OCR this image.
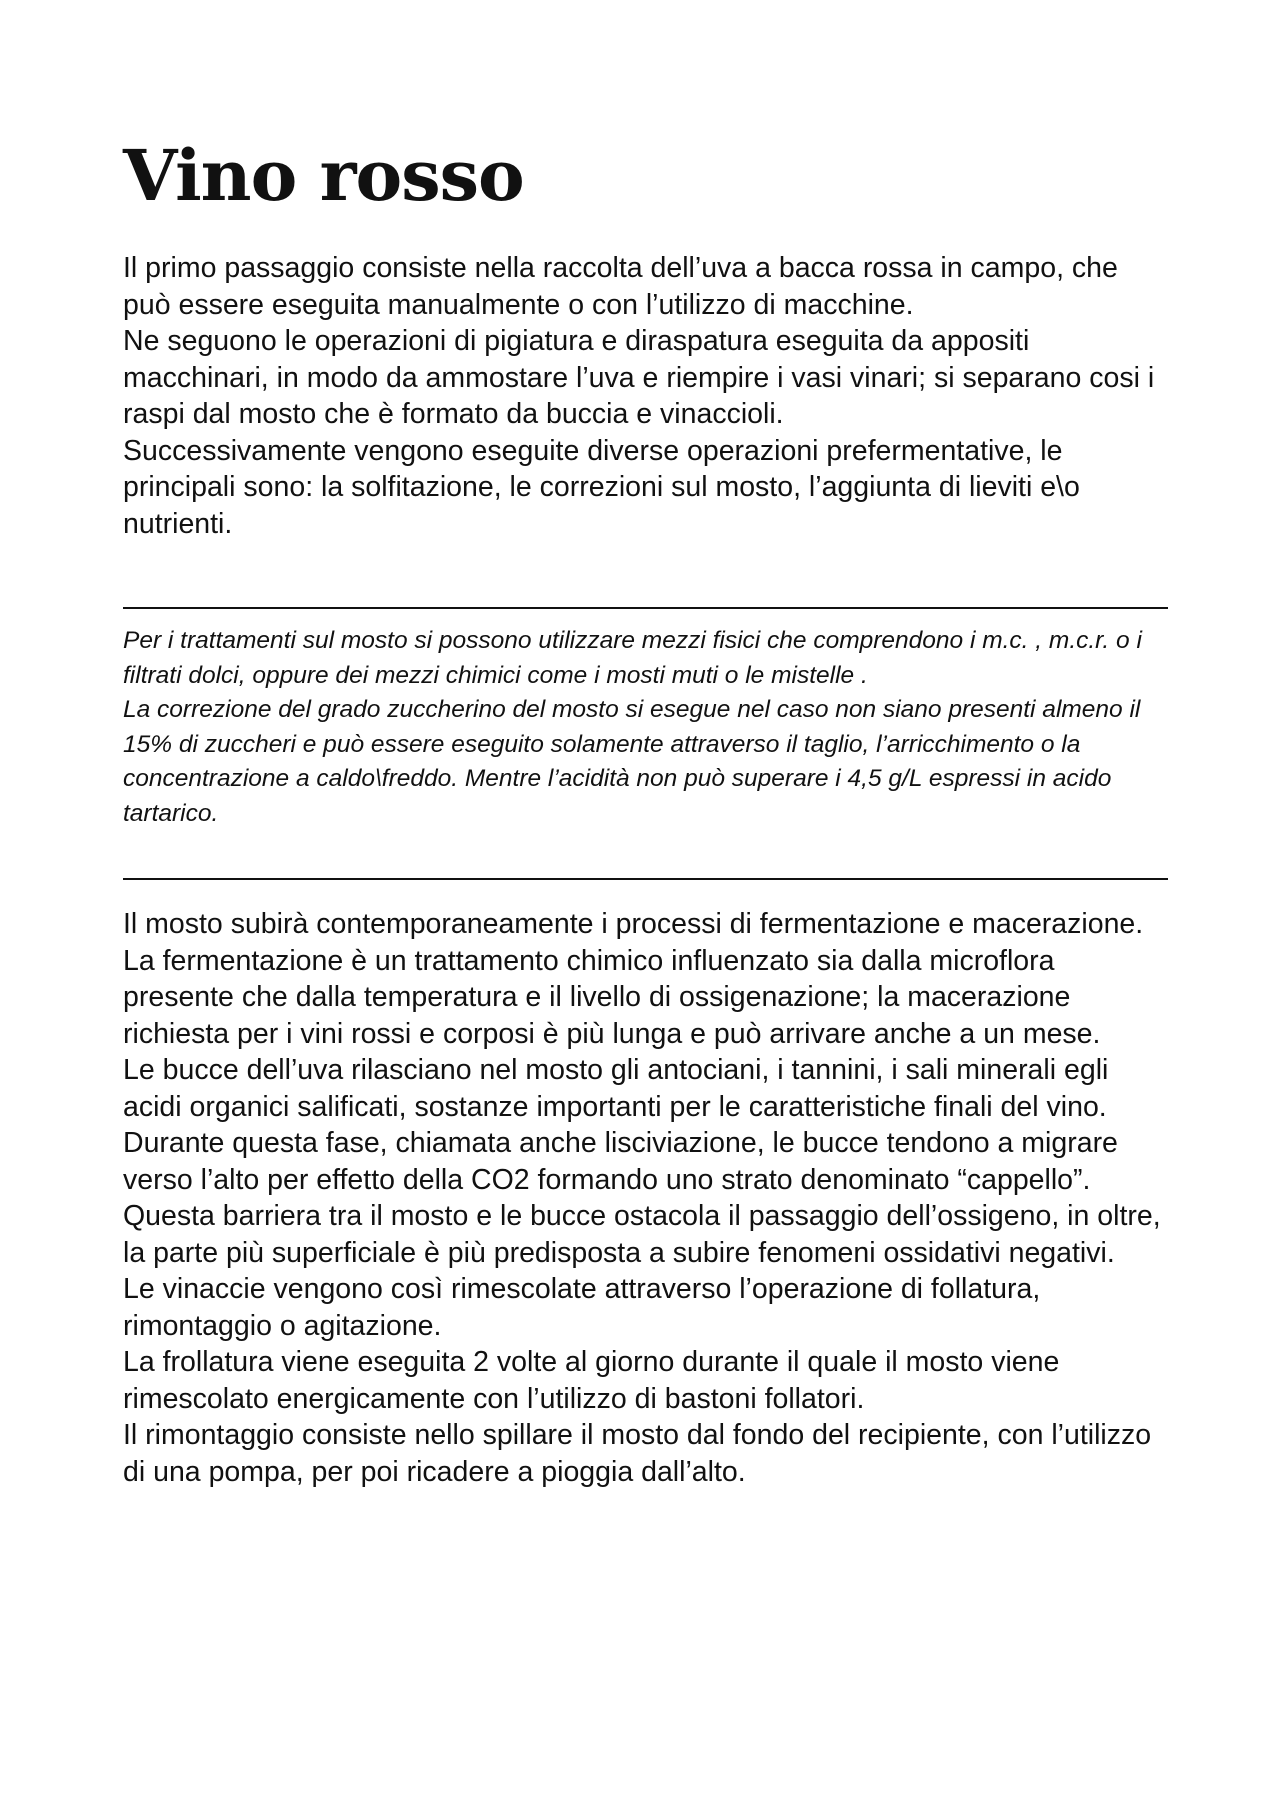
Vino rosso

Il primo passaggio consiste nella raccolta dell’uva a bacca rossa in campo, che può essere eseguita manualmente o con l’utilizzo di macchine.

Ne seguono le operazioni di pigiatura e diraspatura eseguita da appositi macchinari, in modo da ammostare l’uva e riempire i vasi vinari; si separano cosi i raspi dal mosto che è formato da buccia e vinaccioli.

Successivamente vengono eseguite diverse operazioni prefermentative, le principali sono: la solfitazione, le correzioni sul mosto, l’aggiunta di lieviti e\o nutrienti.

Per i trattamenti sul mosto si possono utilizzare mezzi fisici che comprendono i m.c. , m.c.r. o i filtrati dolci, oppure dei mezzi chimici come i mosti muti o le mistelle .

La correzione del grado zuccherino del mosto si esegue nel caso non siano presenti almeno il 15% di zuccheri e può essere eseguito solamente attraverso il taglio, l’arricchimento o la concentrazione a caldo\freddo. Mentre l’acidità non può superare i 4,5 g/L espressi in acido tartarico.

Il mosto subirà contemporaneamente i processi di fermentazione e macerazione.

La fermentazione è un trattamento chimico influenzato sia dalla microflora presente che dalla temperatura e il livello di ossigenazione; la macerazione richiesta per i vini rossi e corposi è più lunga e può arrivare anche a un mese.

Le bucce dell’uva rilasciano nel mosto gli antociani, i tannini, i sali minerali egli acidi organici salificati, sostanze importanti per le caratteristiche finali del vino.

Durante questa fase, chiamata anche lisciviazione, le bucce tendono a migrare verso l’alto per effetto della CO2 formando uno strato denominato “cappello”.

Questa barriera tra il mosto e le bucce ostacola il passaggio dell’ossigeno, in oltre, la parte più superficiale è più predisposta a subire fenomeni ossidativi negativi.

Le vinaccie vengono così rimescolate attraverso l’operazione di follatura, rimontaggio o agitazione.

La frollatura viene eseguita 2 volte al giorno durante il quale il mosto viene rimescolato energicamente con l’utilizzo di bastoni follatori.

Il rimontaggio consiste nello spillare il mosto dal fondo del recipiente, con l’utilizzo di una pompa, per poi ricadere a pioggia dall’alto.
